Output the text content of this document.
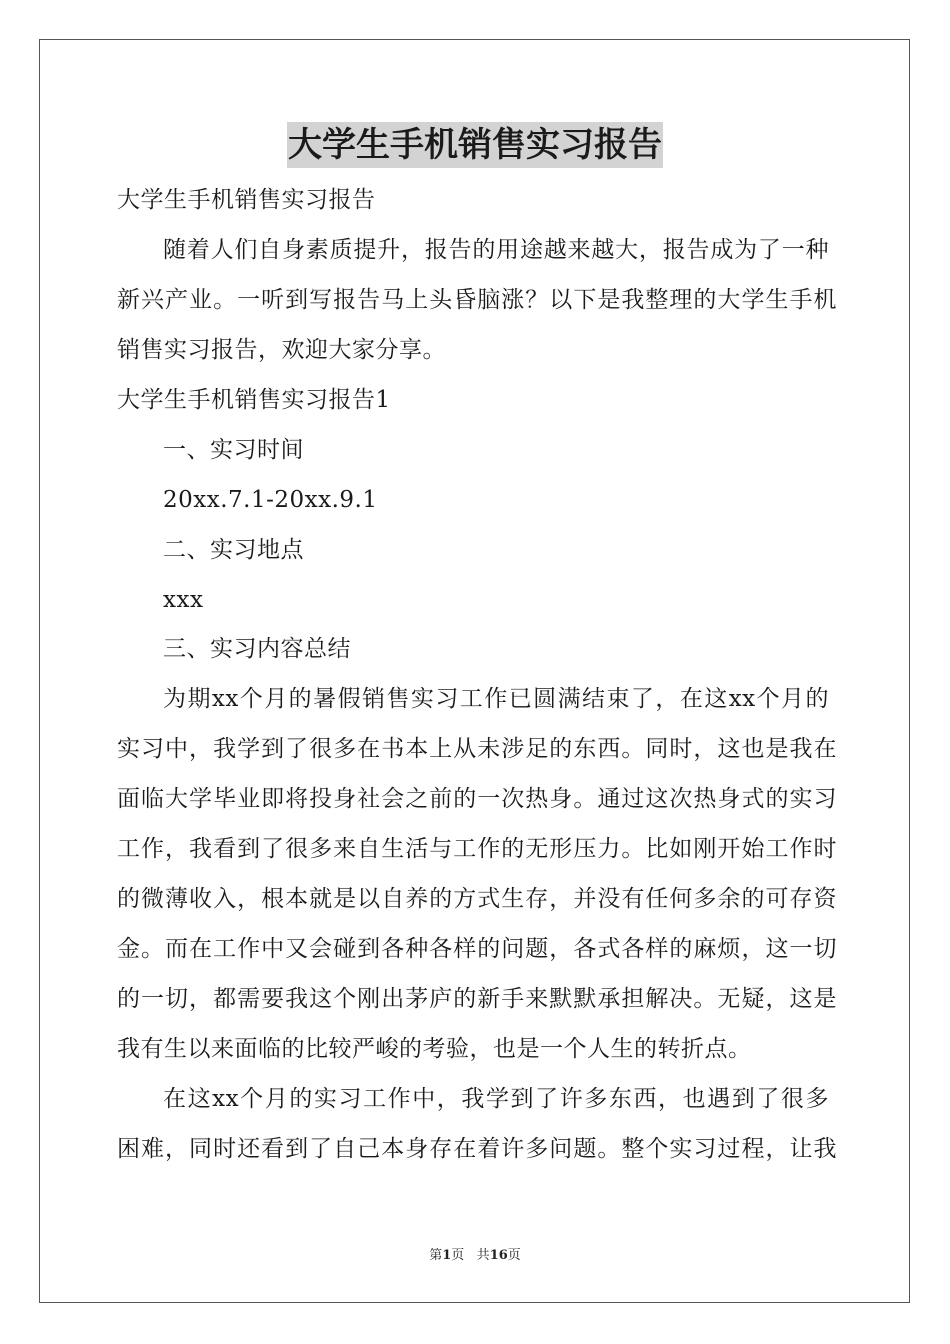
大学生手机销售实习报告
大学生手机销售实习报告
随着人们自身素质提升，报告的用途越来越大，报告成为了一种
新兴产业。一听到写报告马上头昏脑涨？以下是我整理的大学生手机
销售实习报告，欢迎大家分享。
大学生手机销售实习报告1
一、实习时间
20xx.7.1-20xx.9.1
二、实习地点
xxx
三、实习内容总结
为期xx个月的暑假销售实习工作已圆满结束了，在这xx个月的
实习中，我学到了很多在书本上从未涉足的东西。同时，这也是我在
面临大学毕业即将投身社会之前的一次热身。通过这次热身式的实习
工作，我看到了很多来自生活与工作的无形压力。比如刚开始工作时
的微薄收入，根本就是以自养的方式生存，并没有任何多余的可存资
金。而在工作中又会碰到各种各样的问题，各式各样的麻烦，这一切
的一切，都需要我这个刚出茅庐的新手来默默承担解决。无疑，这是
我有生以来面临的比较严峻的考验，也是一个人生的转折点。
在这xx个月的实习工作中，我学到了许多东西，也遇到了很多
困难，同时还看到了自己本身存在着许多问题。整个实习过程，让我
第1页 共16页
